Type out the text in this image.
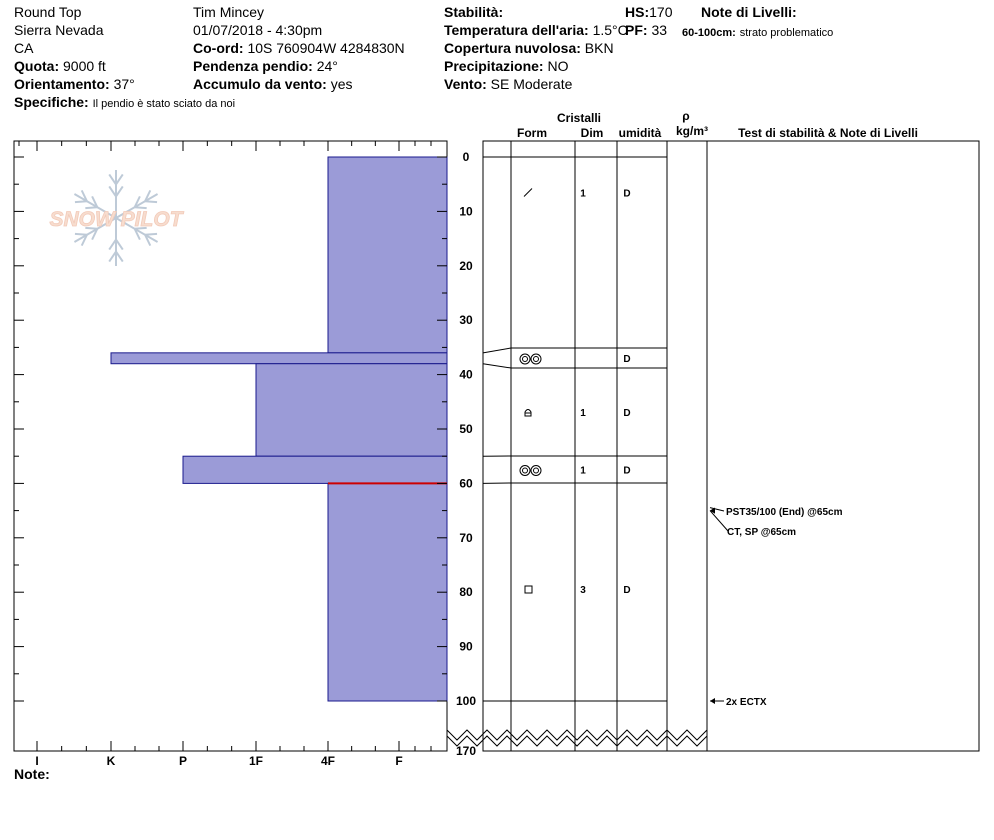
Round Top
Sierra Nevada
CA
Quota: 9000 ft
Orientamento: 37°
Specifiche: Il pendio è stato sciato da noi
Tim Mincey
01/07/2018 - 4:30pm
Co-ord: 10S 760904W 4284830N
Pendenza pendio: 24°
Accumulo da vento: yes
Stabilità:
Temperatura dell'aria: 1.5°C
Copertura nuvolosa: BKN
Precipitazione: NO
Vento: SE Moderate
HS:170
PF: 33
Note di Livelli:
60-100cm: strato problematico
Note:
Cristalli
Form	Dim umidità
ρ
kg/m³	Test di stabilità & Note di Livelli
SNOW PILOT
I	K	P	1F	4F	F
0
10
20
30
40
50
60
70
80
90
100
170
1	D
D
1	D
1	D
3	D
PST35/100 (End) @65cm
CT, SP @65cm
2x ECTX
